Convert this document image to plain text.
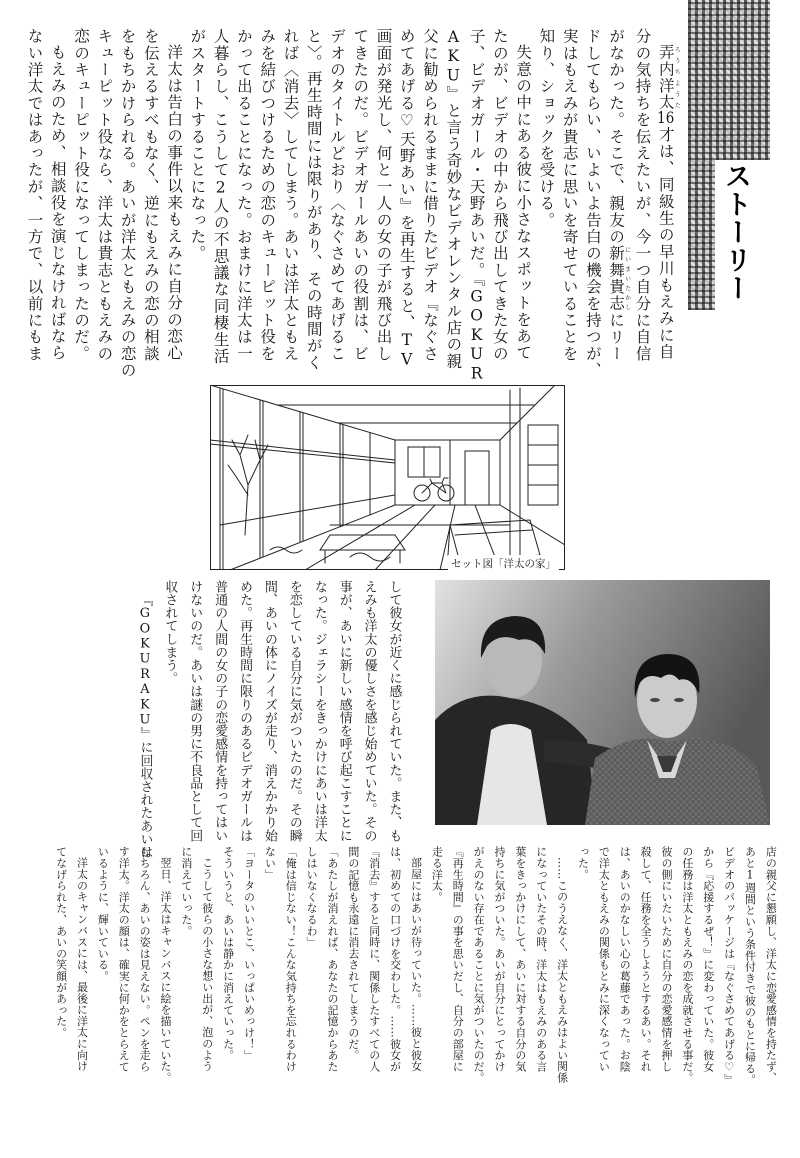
ストーリー
弄内洋太ろうちようた16才は、同級生の早川もえみに自
分の気持ちを伝えたいが、今一つ自分に自信
がなかった。そこで、親友の新舞貴志にいまいたかしにリー
ドしてもらい、いよいよ告白の機会を持つが、
実はもえみが貴志に思いを寄せていることを
知り、ショックを受ける。
失意の中にある彼に小さなスポットをあて
たのが、ビデオの中から飛び出してきた女の
子、ビデオガール・天野あいだ。『GOKUR
AKU』と言う奇妙なビデオレンタル店の親
父に勧められるままに借りたビデオ『なぐさ
めてあげる♡天野あい』を再生すると、TV
画面が発光し、何と一人の女の子が飛び出し
てきたのだ。ビデオガールあいの役割は、ビ
デオのタイトルどおり〈なぐさめてあげるこ
と〉。再生時間には限りがあり、その時間がく
れば〈消去〉してしまう。あいは洋太ともえ
みを結びつけるための恋のキューピット役を
かって出ることになった。おまけに洋太は一
人暮らし、こうして2人の不思議な同棲生活
がスタートすることになった。
洋太は告白の事件以来もえみに自分の恋心
を伝えるすべもなく、逆にもえみの恋の相談
をもちかけられる。あいが洋太ともえみの恋の
キューピット役なら、洋太は貴志ともえみの
恋のキューピット役になってしまったのだ。
もえみのため、相談役を演じなければなら
ない洋太ではあったが、一方で、以前にもま
して彼女が近くに感じられていた。また、も
えみも洋太の優しさを感じ始めていた。その
事が、あいに新しい感情を呼び起こすことに
なった。ジェラシーをきっかけにあいは洋太
を恋している自分に気がついたのだ。その瞬
間、あいの体にノイズが走り、消えかかり始
めた。再生時間に限りのあるビデオガールは
普通の人間の女の子の恋愛感情を持ってはい
けないのだ。あいは謎の男に不良品として回
収されてしまう。
『GOKURAKU』に回収されたあいは
店の親父に懇願し、洋太に恋愛感情を持たず、
あと1週間という条件付きで彼のもとに帰る。
ビデオのパッケージは『なぐさめてあげる♡』
から『応援するぜ！』に変わっていた。彼女
の任務は洋太ともえみの恋を成就させる事だ。
彼の側にいたいために自分の恋愛感情を押し
殺して、任務を全うしようとするあい。それ
は、あいのかなしい心の葛藤であった。お陰
で洋太ともえみの関係もとみに深くなってい
った。
……このうえなく、洋太ともえみはよい関係
になっていたその時、洋太はもえみのある言
葉をきっかけにして、あいに対する自分の気
持ちに気がついた。あいが自分にとってかけ
がえのない存在であることに気がついたのだ。
『再生時間』の事を思いだし、自分の部屋に
走る洋太。
部屋にはあいが待っていた。……彼と彼女
は、初めての口づけを交わした。……彼女が
『消去』すると同時に、関係したすべての人
間の記憶も永遠に消去されてしまうのだ。
「あたしが消えれば、あなたの記憶からあた
しはいなくなるわ」
「俺は信じない！こんな気持ちを忘れるわけ
ない」
「ヨータのいいとこ、いっぱいめっけ！」
そういうと、あいは静かに消えていった。
こうして彼らの小さな想い出が、泡のよう
に消えていった。
翌日、洋太はキャンバスに絵を描いていた。
もちろん、あいの姿は見えない。ペンを走ら
す洋太。洋太の顔は、確実に何かをとらえて
いるように、輝いている。
洋太のキャンバスには、最後に洋太に向け
てなげられた、あいの笑顔があった。
セット図「洋太の家」
